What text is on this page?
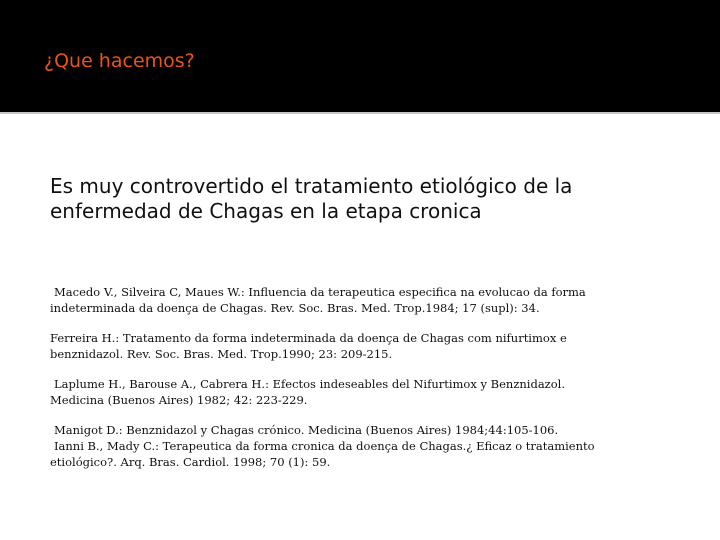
¿Que hacemos?

Es muy controvertido el tratamiento etiológico de la
enfermedad de Chagas en la etapa cronica

Macedo V., Silveira C, Maues W.: Influencia da terapeutica especifica na evolucao da forma
indeterminada da doença de Chagas. Rev. Soc. Bras. Med. Trop.1984; 17 (supl): 34.

Ferreira H.: Tratamento da forma indeterminada da doença de Chagas com nifurtimox e
benznidazol. Rev. Soc. Bras. Med. Trop.1990; 23: 209-215.

Laplume H., Barouse A., Cabrera H.: Efectos indeseables del Nifurtimox y Benznidazol.
Medicina (Buenos Aires) 1982; 42: 223-229.

Manigot D.: Benznidazol y Chagas crónico. Medicina (Buenos Aires) 1984;44:105-106.
Ianni B., Mady C.: Terapeutica da forma cronica da doença de Chagas.¿ Eficaz o tratamiento
etiológico?. Arq. Bras. Cardiol. 1998; 70 (1): 59.
